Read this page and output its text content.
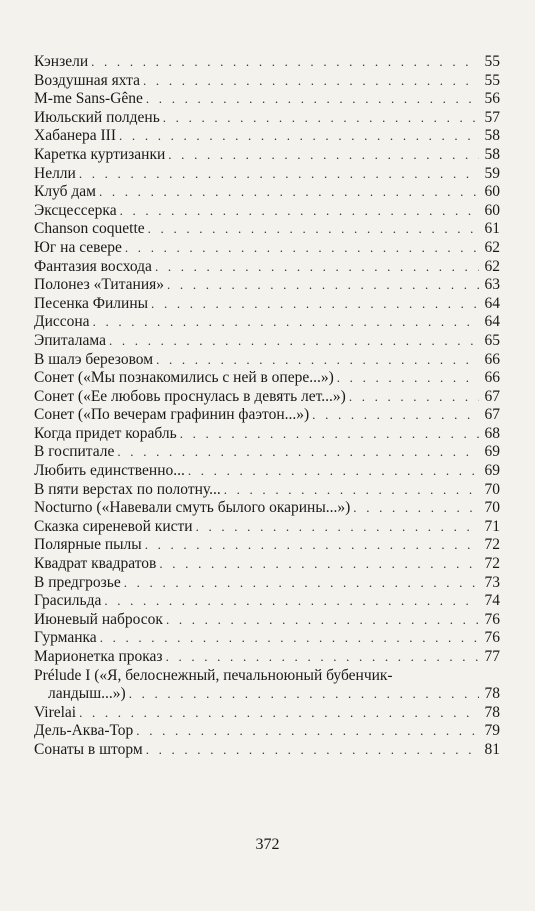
Кэнзели . . .	55
Воздушная яхта . . .	55
M-me Sans-Gêne . . .	56
Июльский полдень . . .	57
Хабанера III . . .	58
Каретка куртизанки . . .	58
Нелли . . .	59
Клуб дам . . .	60
Эксцессерка . . .	60
Chanson coquette . . .	61
Юг на севере . . .	62
Фантазия восхода . . .	62
Полонез «Титания» . . .	63
Песенка Филины . . .	64
Диссона . . .	64
Эпиталама . . .	65
В шалэ березовом . . .	66
Сонет («Мы познакомились с ней в опере...») . . .	66
Сонет («Ее любовь проснулась в девять лет...») . . .	67
Сонет («По вечерам графинин фаэтон...») . . .	67
Когда придет корабль . . .	68
В госпитале . . .	69
Любить единственно... . . .	69
В пяти верстах по полотну... . . .	70
Nocturno («Навевали смуть былого окарины...») . . .	70
Сказка сиреневой кисти . . .	71
Полярные пылы . . .	72
Квадрат квадратов . . .	72
В предгрозье . . .	73
Грасильда . . .	74
Июневый набросок . . .	76
Гурманка . . .	76
Марионетка проказ . . .	77
Prélude I («Я, белоснежный, печальноюный бубенчик-
ландыш...») . . .	78
Virelai . . .	78
Дель-Аква-Тор . . .	79
Сонаты в шторм . . .	81
372
